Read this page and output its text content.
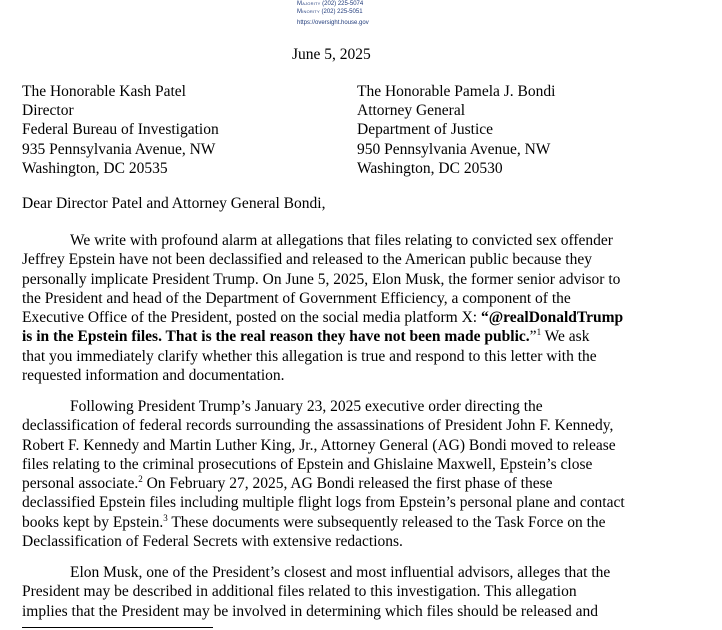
Majority (202) 225-5074
Minority (202) 225-5051
https://oversight.house.gov
June 5, 2025
The Honorable Kash Patel
Director
Federal Bureau of Investigation
935 Pennsylvania Avenue, NW
Washington, DC 20535
The Honorable Pamela J. Bondi
Attorney General
Department of Justice
950 Pennsylvania Avenue, NW
Washington, DC 20530
Dear Director Patel and Attorney General Bondi,
We write with profound alarm at allegations that files relating to convicted sex offender
Jeffrey Epstein have not been declassified and released to the American public because they
personally implicate President Trump. On June 5, 2025, Elon Musk, the former senior advisor to
the President and head of the Department of Government Efficiency, a component of the
Executive Office of the President, posted on the social media platform X: “@realDonaldTrump
is in the Epstein files. That is the real reason they have not been made public.”$^1$ We ask
that you immediately clarify whether this allegation is true and respond to this letter with the
requested information and documentation.
Following President Trump’s January 23, 2025 executive order directing the
declassification of federal records surrounding the assassinations of President John F. Kennedy,
Robert F. Kennedy and Martin Luther King, Jr., Attorney General (AG) Bondi moved to release
files relating to the criminal prosecutions of Epstein and Ghislaine Maxwell, Epstein’s close
personal associate.$^2$ On February 27, 2025, AG Bondi released the first phase of these
declassified Epstein files including multiple flight logs from Epstein’s personal plane and contact
books kept by Epstein.$^3$ These documents were subsequently released to the Task Force on the
Declassification of Federal Secrets with extensive redactions.
Elon Musk, one of the President’s closest and most influential advisors, alleges that the
President may be described in additional files related to this investigation. This allegation
implies that the President may be involved in determining which files should be released and
